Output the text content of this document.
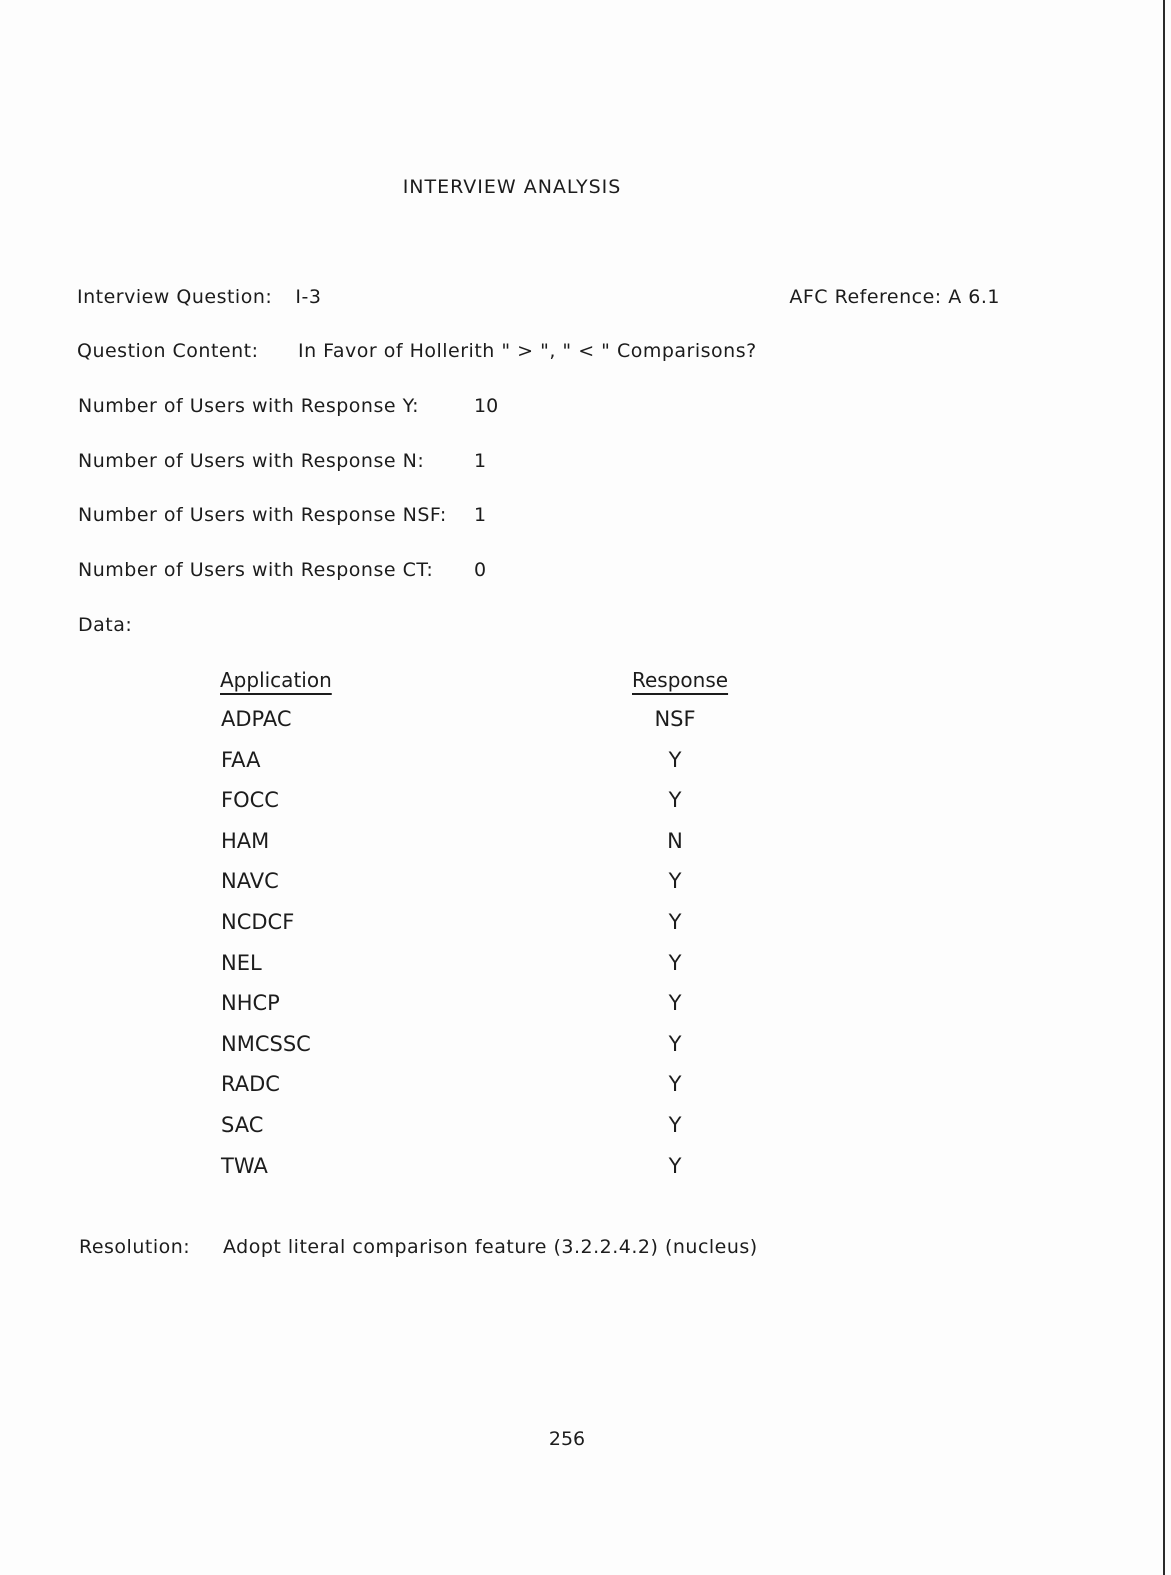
INTERVIEW ANALYSIS
Interview Question: I-3	AFC Reference: A 6.1
Question Content: In Favor of Hollerith " > ", " < " Comparisons?
Number of Users with Response Y:	10
Number of Users with Response N:	1
Number of Users with Response NSF: 1
Number of Users with Response CT: 0
Data:
Application	Response
ADPAC	NSF
FAA	Y
FOCC	Y
HAM	N
NAVC	Y
NCDCF	Y
NEL	Y
NHCP	Y
NMCSSC	Y
RADC	Y
SAC	Y
TWA	Y
Resolution: Adopt literal comparison feature (3.2.2.4.2) (nucleus)
256
